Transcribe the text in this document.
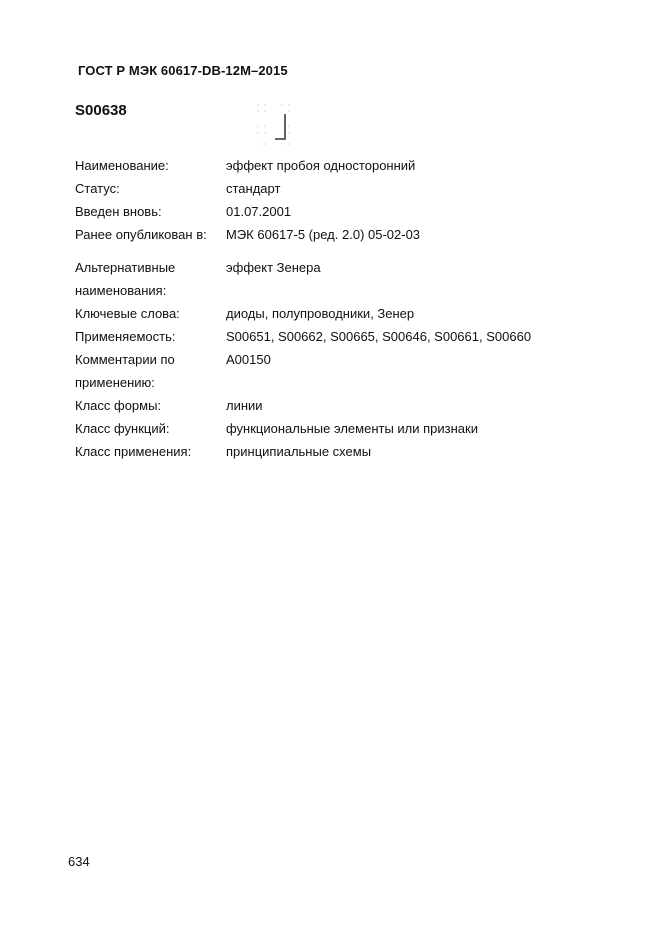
ГОСТ Р МЭК 60617-DB-12M–2015
S00638
Наименование:	эффект пробоя односторонний
Статус:	стандарт
Введен вновь:	01.07.2001
Ранее опубликован в:	МЭК 60617-5 (ред. 2.0) 05-02-03
Альтернативные	эффект Зенера
наименования:
Ключевые слова:	диоды, полупроводники, Зенер
Применяемость:	S00651, S00662, S00665, S00646, S00661, S00660
Комментарии по	A00150
применению:
Класс формы:	линии
Класс функций:	функциональные элементы или признаки
Класс применения:	принципиальные схемы
634
